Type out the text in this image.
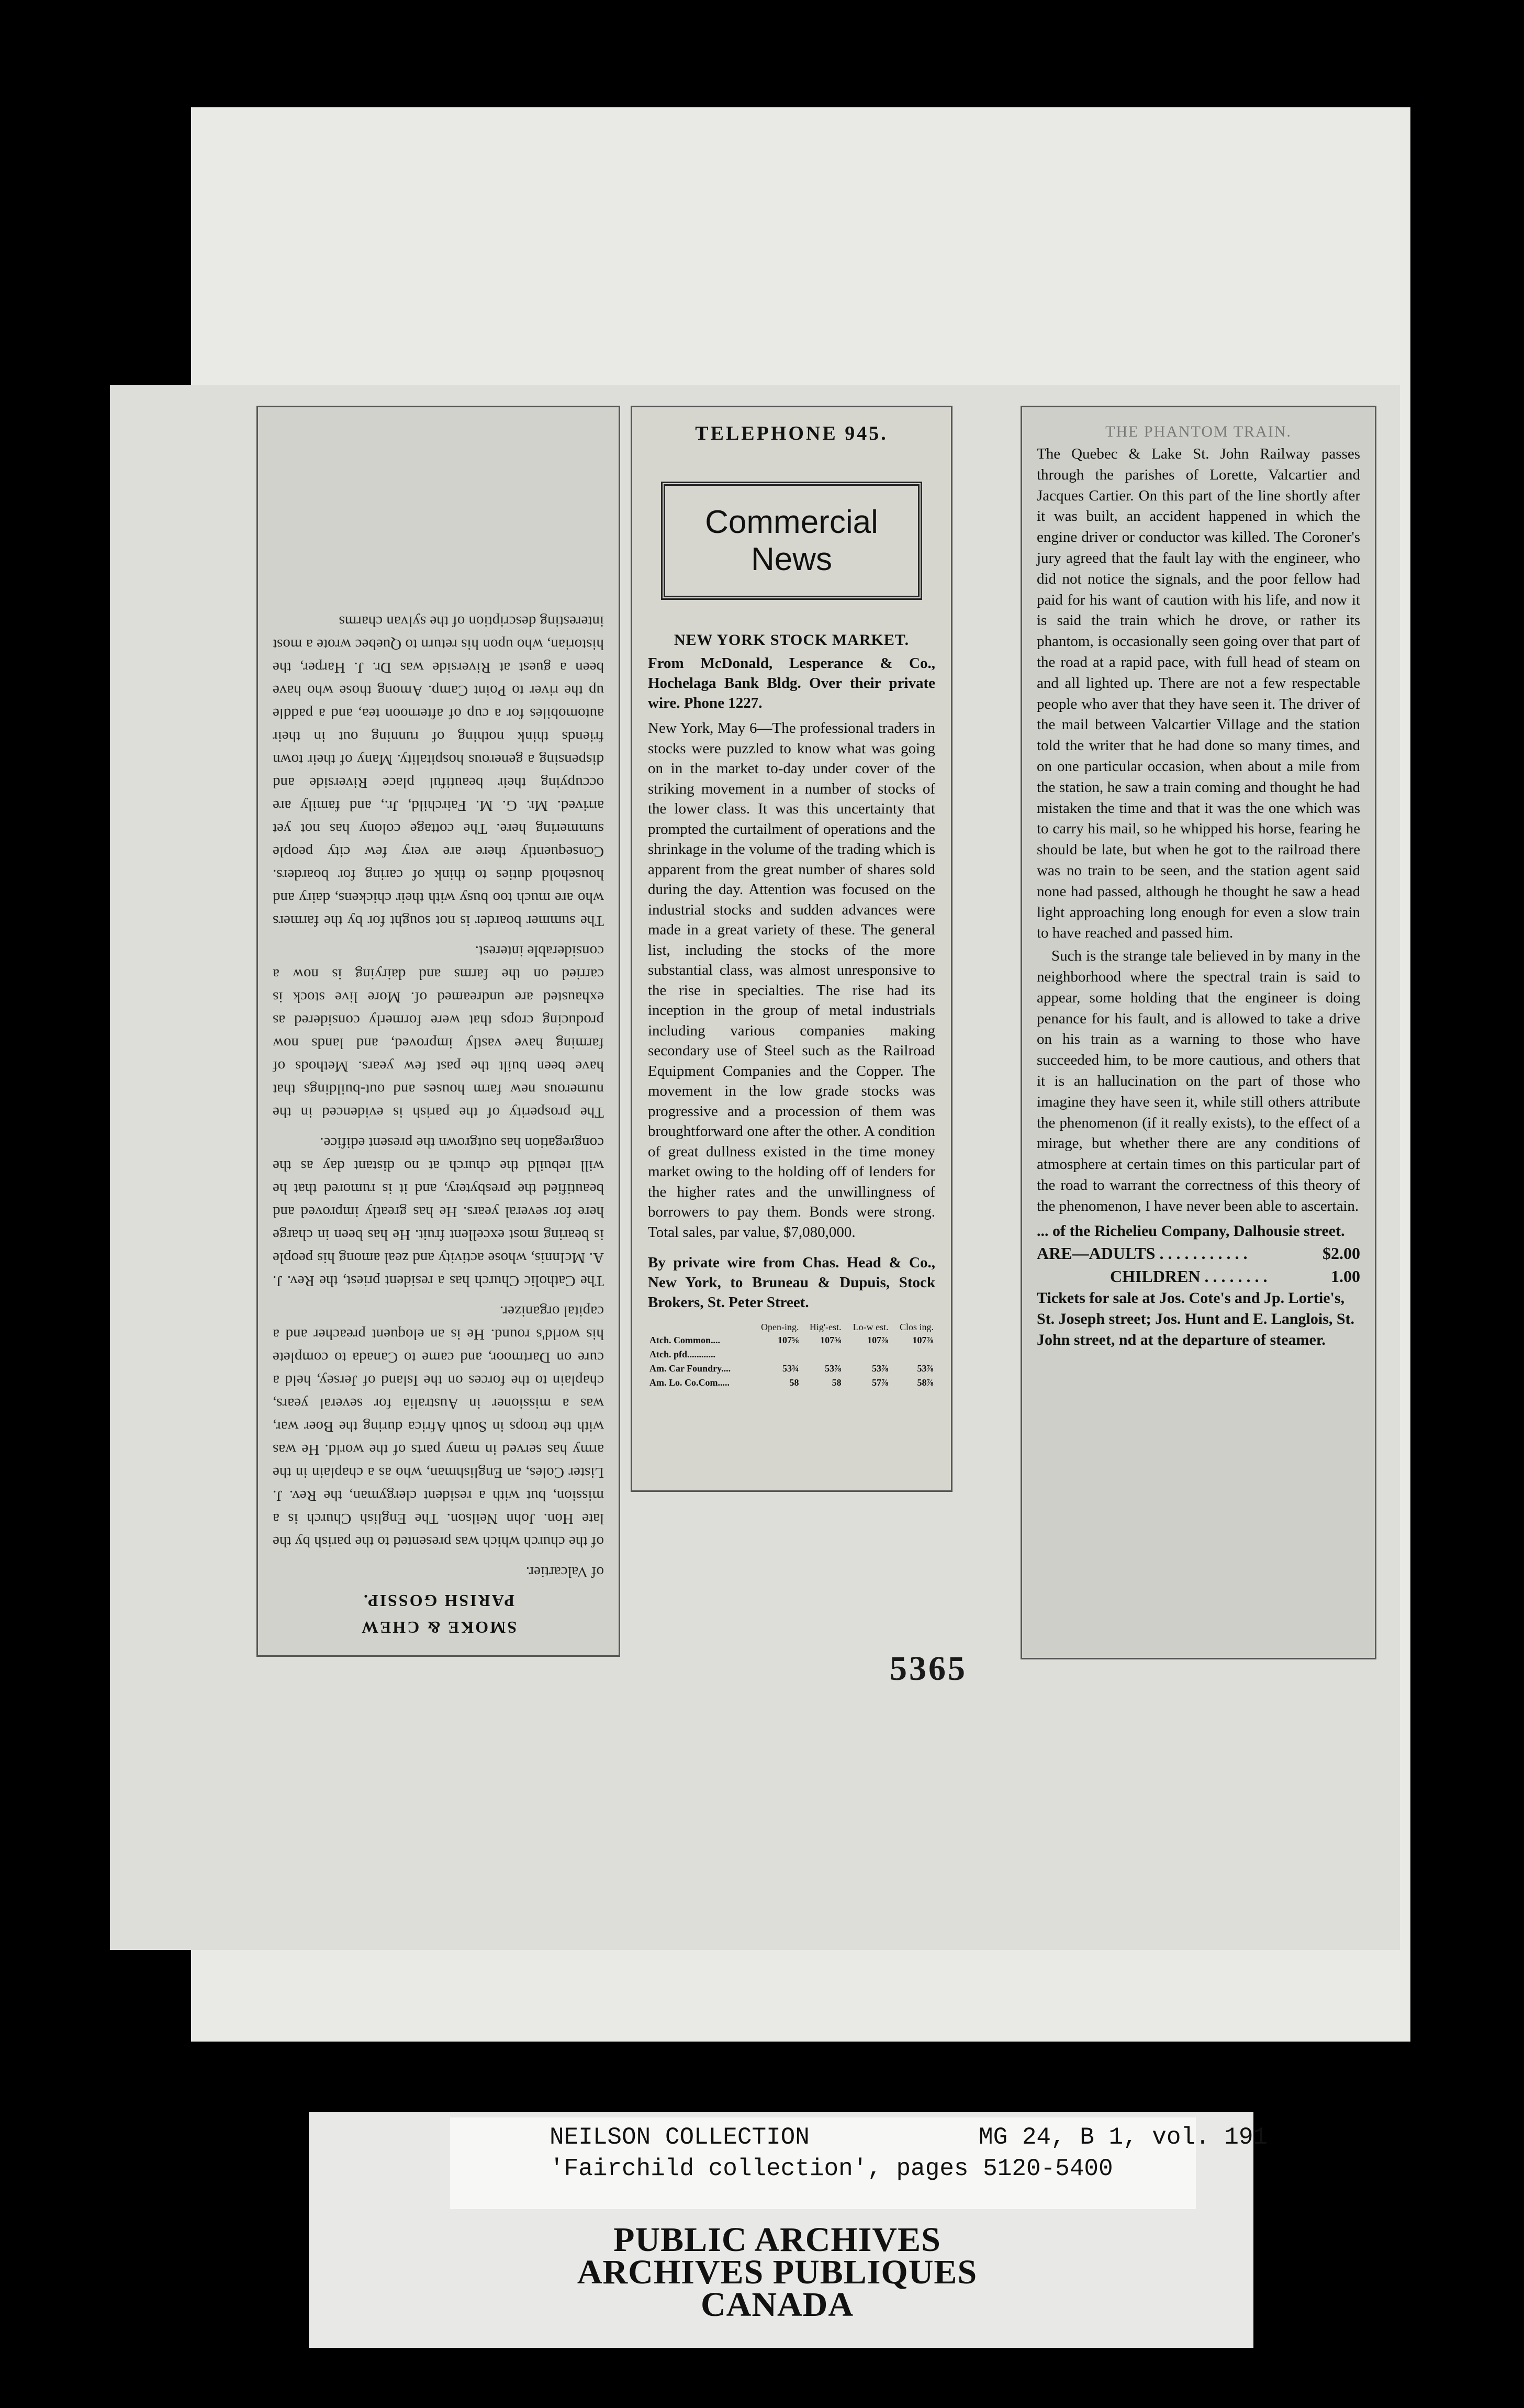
SMOKE & CHEW
PARISH GOSSIP.

of Valcartier.

of the church which was presented to the parish by the late Hon. John Neilson. The English Church is a mission, but with a resident clergyman, the Rev. J. Lister Coles, an Englishman, who as a chaplain in the army has served in many parts of the world. He was with the troops in South Africa during the Boer war, was a missioner in Australia for several years, chaplain to the forces on the Island of Jersey, held a cure on Dartmoor, and came to Canada to complete his world's round. He is an eloquent preacher and a capital organizer.

The Catholic Church has a resident priest, the Rev. J. A. McInnis, whose activity and zeal among his people is bearing most excellent fruit. He has been in charge here for several years. He has greatly improved and beautified the presbytery, and it is rumored that he will rebuild the church at no distant day as the congregation has outgrown the present edifice.

The prosperity of the parish is evidenced in the numerous new farm houses and out-buildings that have been built the past few years. Methods of farming have vastly improved, and lands now producing crops that were formerly considered as exhausted are undreamed of. More live stock is carried on the farms and dairying is now a considerable interest.

The summer boarder is not sought for by the farmers who are much too busy with their chickens, dairy and household duties to think of caring for boarders. Consequently there are very few city people summering here. The cottage colony has not yet arrived. Mr. G. M. Fairchild, Jr., and family are occupying their beautiful place Riverside and dispensing a generous hospitality. Many of their town friends think nothing of running out in their automobiles for a cup of afternoon tea, and a paddle up the river to Point Camp. Among those who have been a guest at Riverside was Dr. J. Harper, the historian, who upon his return to Quebec wrote a most interesting description of the sylvan charms

TELEPHONE 945.
Commercial News
NEW YORK STOCK MARKET.

From McDonald, Lesperance & Co., Hochelaga Bank Bldg. Over their private wire. Phone 1227.

New York, May 6—The professional traders in stocks were puzzled to know what was going on in the market to-day under cover of the striking movement in a number of stocks of the lower class. It was this uncertainty that prompted the curtailment of operations and the shrinkage in the volume of the trading which is apparent from the great number of shares sold during the day. Attention was focused on the industrial stocks and sudden advances were made in a great variety of these. The general list, including the stocks of the more substantial class, was almost unresponsive to the rise in specialties. The rise had its inception in the group of metal industrials including various companies making secondary use of Steel such as the Railroad Equipment Companies and the Copper. The movement in the low grade stocks was progressive and a procession of them was broughtforward one after the other. A condition of great dullness existed in the time money market owing to the holding off of lenders for the higher rates and the unwillingness of borrowers to pay them. Bonds were strong. Total sales, par value, $7,080,000.

By private wire from Chas. Head & Co., New York, to Bruneau & Dupuis, Stock Brokers, St. Peter Street.

	Open-ing.	Hig'-est.	Lo-w est.	Clos ing.
Atch. Common....	107⅝	107⅝	107⅞	107⅞
Atch. pfd............				
Am. Car Foundry....	53¾	53⅞	53⅞	53⅞
Am. Lo. Co.Com.....	58	58	57⅞	58⅞
THE PHANTOM TRAIN.

The Quebec & Lake St. John Railway passes through the parishes of Lorette, Valcartier and Jacques Cartier. On this part of the line shortly after it was built, an accident happened in which the engine driver or conductor was killed. The Coroner's jury agreed that the fault lay with the engineer, who did not notice the signals, and the poor fellow had paid for his want of caution with his life, and now it is said the train which he drove, or rather its phantom, is occasionally seen going over that part of the road at a rapid pace, with full head of steam on and all lighted up. There are not a few respectable people who aver that they have seen it. The driver of the mail between Valcartier Village and the station told the writer that he had done so many times, and on one particular occasion, when about a mile from the station, he saw a train coming and thought he had mistaken the time and that it was the one which was to carry his mail, so he whipped his horse, fearing he should be late, but when he got to the railroad there was no train to be seen, and the station agent said none had passed, although he thought he saw a head light approaching long enough for even a slow train to have reached and passed him.

Such is the strange tale believed in by many in the neighborhood where the spectral train is said to appear, some holding that the engineer is doing penance for his fault, and is allowed to take a drive on his train as a warning to those who have succeeded him, to be more cautious, and others that it is an hallucination on the part of those who imagine they have seen it, while still others attribute the phenomenon (if it really exists), to the effect of a mirage, but whether there are any conditions of atmosphere at certain times on this particular part of the road to warrant the correctness of this theory of the phenomenon, I have never been able to ascertain.

... of the Richelieu Company, Dalhousie street.
ARE—ADULTS . . . . . . . . . . .	$2.00
CHILDREN . . . . . . . .	1.00
Tickets for sale at Jos. Cote's and Jp. Lortie's, St. Joseph street; Jos. Hunt and E. Langlois, St. John street, nd at the departure of steamer.
5365
NEILSON COLLECTION	MG 24, B 1, vol. 191
'Fairchild collection', pages 5120-5400
PUBLIC ARCHIVES
ARCHIVES PUBLIQUES
CANADA
